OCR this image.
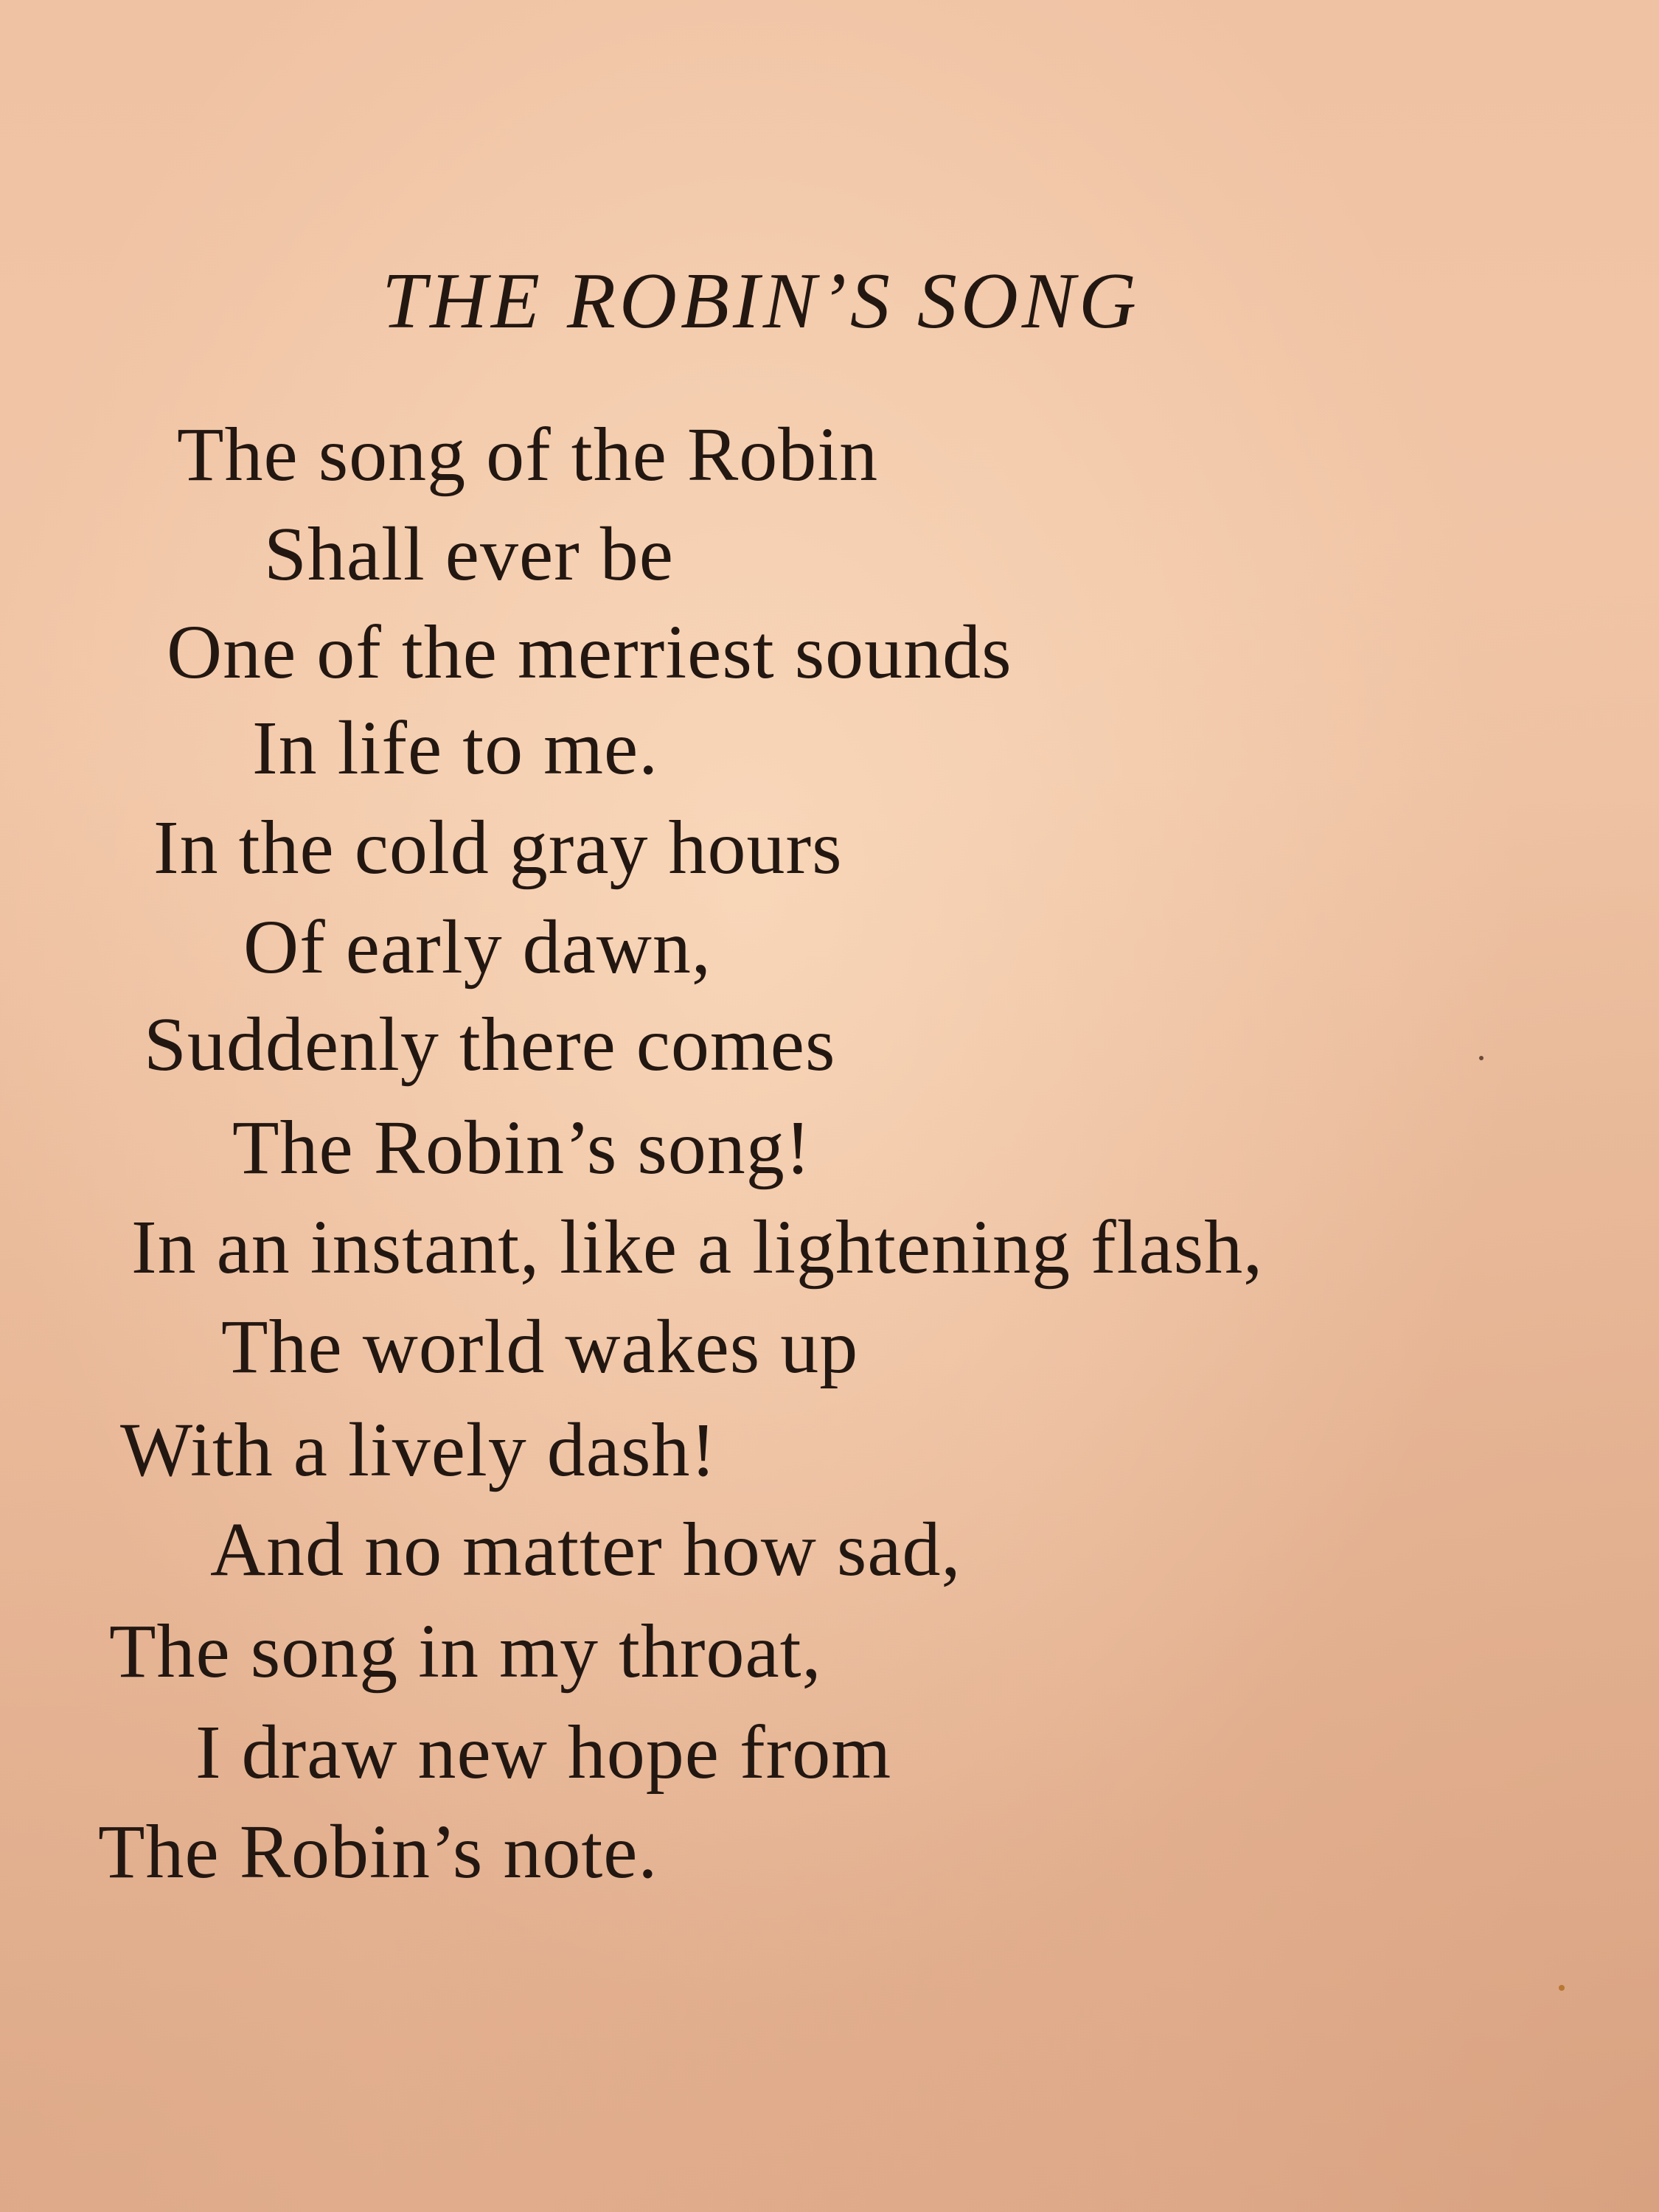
THE ROBIN’S SONG

The song of the Robin

Shall ever be

One of the merriest sounds

In life to me.

In the cold gray hours

Of early dawn,

Suddenly there comes

The Robin’s song!

In an instant, like a lightening flash,

The world wakes up

With a lively dash!

And no matter how sad,

The song in my throat,

I draw new hope from

The Robin’s note.
